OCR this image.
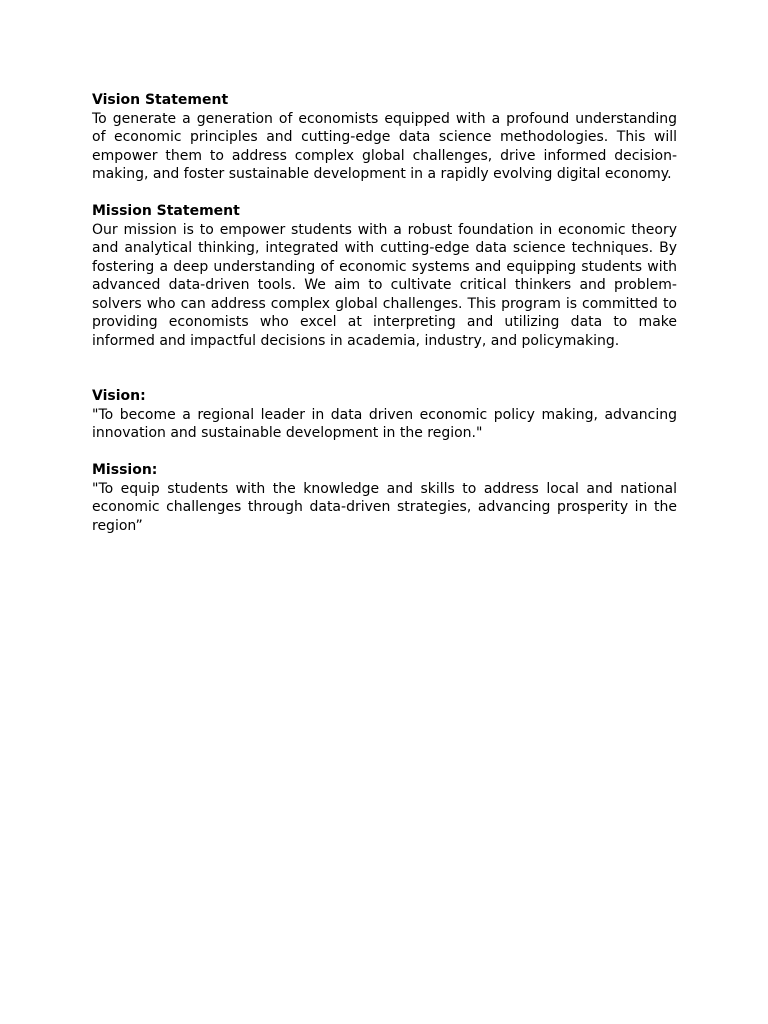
Vision Statement

To generate a generation of economists equipped with a profound understanding of economic principles and cutting-edge data science methodologies. This will empower them to address complex global challenges, drive informed decision-making, and foster sustainable development in a rapidly evolving digital economy.

Mission Statement

Our mission is to empower students with a robust foundation in economic theory and analytical thinking, integrated with cutting-edge data science techniques. By fostering a deep understanding of economic systems and equipping students with advanced data-driven tools. We aim to cultivate critical thinkers and problem-solvers who can address complex global challenges. This program is committed to providing economists who excel at interpreting and utilizing data to make informed and impactful decisions in academia, industry, and policymaking.

Vision:

"To become a regional leader in data driven economic policy making, advancing innovation and sustainable development in the region."

Mission:

"To equip students with the knowledge and skills to address local and national economic challenges through data-driven strategies, advancing prosperity in the region”
